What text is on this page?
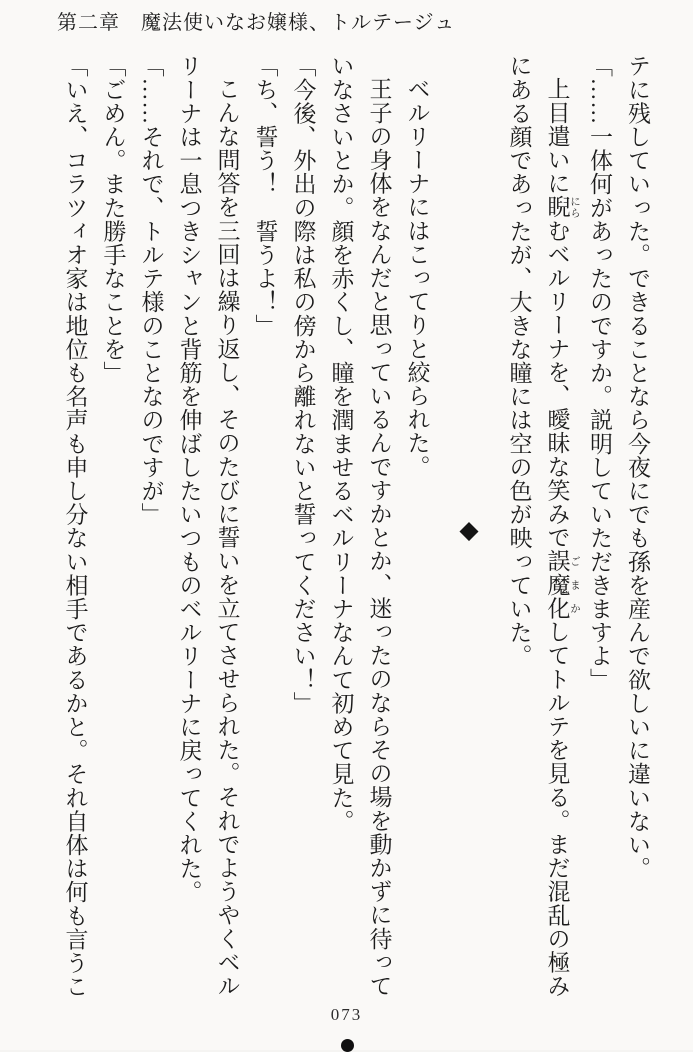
第二章 魔法使いなお嬢様、トルテージュ

テに残していった。できることなら今夜にでも孫を産んで欲しいに違いない。

「……一体何があったのですか。説明していただきますよ」

上目遣いに睨 にらむベルリーナを、曖昧な笑みで誤魔化 ごまかしてトルテを見る。まだ混乱の極みにある顔であったが、大きな瞳には空の色が映っていた。

◆

ベルリーナにはこってりと絞られた。

王子の身体をなんだと思っているんですかとか、迷ったのならその場を動かずに待っていなさいとか。顔を赤くし、瞳を潤ませるベルリーナなんて初めて見た。

「今後、外出の際は私の傍から離れないと誓ってください！」

「ち、誓う！　誓うよ！」

こんな問答を三回は繰り返し、そのたびに誓いを立てさせられた。それでようやくベルリーナは一息つきシャンと背筋を伸ばしたいつものベルリーナに戻ってくれた。

「……それで、トルテ様のことなのですが」

「ごめん。また勝手なことを」

「いえ、コラツィオ家は地位も名声も申し分ない相手であるかと。それ自体は何も言うこ

073
